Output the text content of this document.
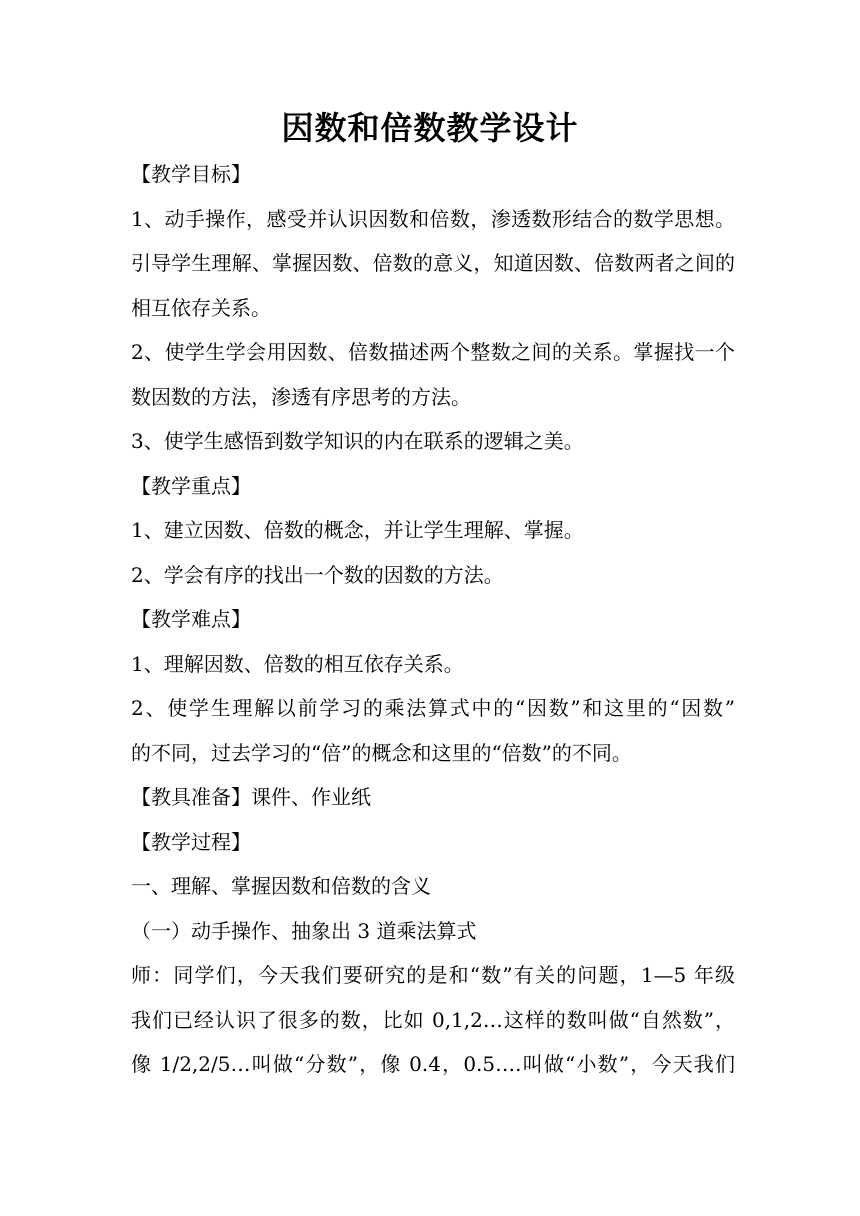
因数和倍数教学设计
【教学目标】
1、动手操作，感受并认识因数和倍数，渗透数形结合的数学思想。
引导学生理解、掌握因数、倍数的意义，知道因数、倍数两者之间的
相互依存关系。
2、使学生学会用因数、倍数描述两个整数之间的关系。掌握找一个
数因数的方法，渗透有序思考的方法。
3、使学生感悟到数学知识的内在联系的逻辑之美。
【教学重点】
1、建立因数、倍数的概念，并让学生理解、掌握。
2、学会有序的找出一个数的因数的方法。
【教学难点】
1、理解因数、倍数的相互依存关系。
2、使学生理解以前学习的乘法算式中的“因数”和这里的“因数”
的不同，过去学习的“倍”的概念和这里的“倍数”的不同。
【教具准备】课件、作业纸
【教学过程】
一、理解、掌握因数和倍数的含义
（一）动手操作、抽象出 3 道乘法算式
师：同学们，今天我们要研究的是和“数”有关的问题，1—5 年级
我们已经认识了很多的数，比如 0,1,2…这样的数叫做“自然数”，
像 1/2,2/5…叫做“分数”，像 0.4，0.5….叫做“小数”，今天我们
